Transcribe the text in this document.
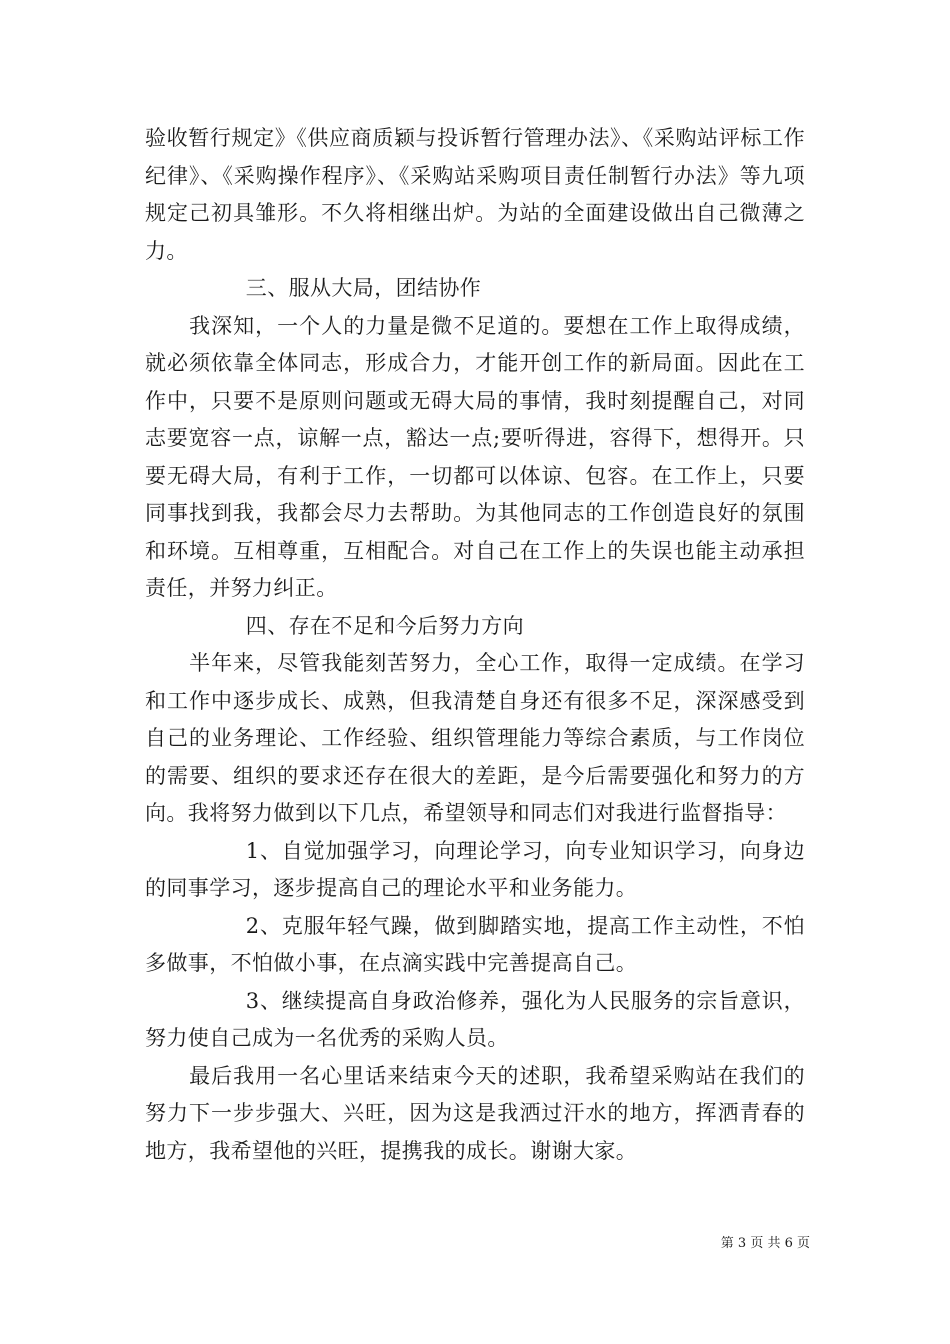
验收暂行规定》《供应商质颖与投诉暂行管理办法》、《采购站评标工作纪律》、《采购操作程序》、《采购站采购项目责任制暂行办法》等九项规定己初具雏形。不久将相继出炉。为站的全面建设做出自己微薄之力。

三、服从大局，团结协作

我深知，一个人的力量是微不足道的。要想在工作上取得成绩，就必须依靠全体同志，形成合力，才能开创工作的新局面。因此在工作中，只要不是原则问题或无碍大局的事情，我时刻提醒自己，对同志要宽容一点，谅解一点，豁达一点;要听得进，容得下，想得开。只要无碍大局，有利于工作，一切都可以体谅、包容。在工作上，只要同事找到我，我都会尽力去帮助。为其他同志的工作创造良好的氛围和环境。互相尊重，互相配合。对自己在工作上的失误也能主动承担责任，并努力纠正。

四、存在不足和今后努力方向

半年来，尽管我能刻苦努力，全心工作，取得一定成绩。在学习和工作中逐步成长、成熟，但我清楚自身还有很多不足，深深感受到自己的业务理论、工作经验、组织管理能力等综合素质，与工作岗位的需要、组织的要求还存在很大的差距，是今后需要强化和努力的方向。我将努力做到以下几点，希望领导和同志们对我进行监督指导：

1、自觉加强学习，向理论学习，向专业知识学习，向身边的同事学习，逐步提高自己的理论水平和业务能力。

2、克服年轻气躁，做到脚踏实地，提高工作主动性，不怕多做事，不怕做小事，在点滴实践中完善提高自己。

3、继续提高自身政治修养，强化为人民服务的宗旨意识，努力使自己成为一名优秀的采购人员。

最后我用一名心里话来结束今天的述职，我希望采购站在我们的努力下一步步强大、兴旺，因为这是我洒过汗水的地方，挥洒青春的地方，我希望他的兴旺，提携我的成长。谢谢大家。

第 3 页 共 6 页
